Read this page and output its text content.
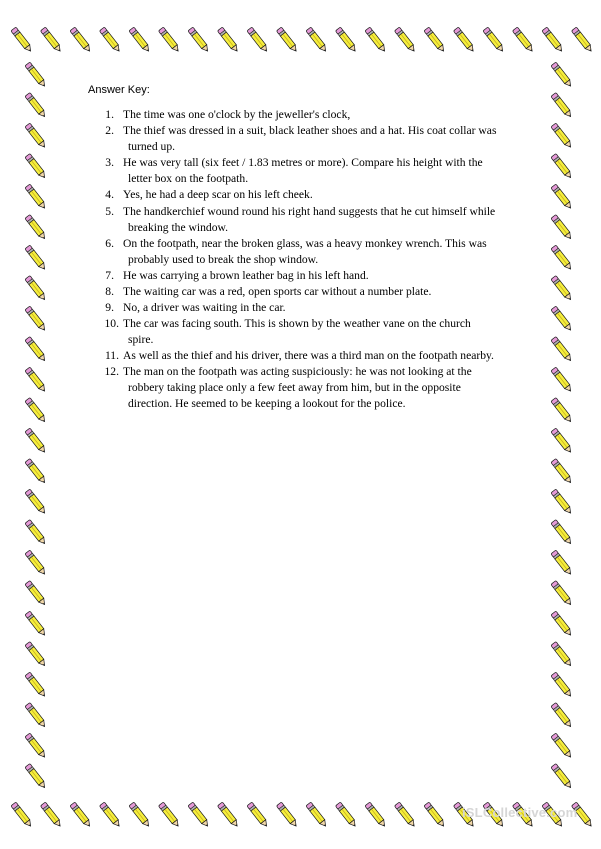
Answer Key:
1. The time was one o'clock by the jeweller's clock,
2. The thief was dressed in a suit, black leather shoes and a hat. His coat collar was
turned up.
3. He was very tall (six feet / 1.83 metres or more). Compare his height with the
letter box on the footpath.
4. Yes, he had a deep scar on his left cheek.
5. The handkerchief wound round his right hand suggests that he cut himself while
breaking the window.
6. On the footpath, near the broken glass, was a heavy monkey wrench. This was
probably used to break the shop window.
7. He was carrying a brown leather bag in his left hand.
8. The waiting car was a red, open sports car without a number plate.
9. No, a driver was waiting in the car.
10. The car was facing south. This is shown by the weather vane on the church
spire.
11. As well as the thief and his driver, there was a third man on the footpath nearby.
12. The man on the footpath was acting suspiciously: he was not looking at the
robbery taking place only a few feet away from him, but in the opposite
direction. He seemed to be keeping a lookout for the police.
iSLCollective.com
